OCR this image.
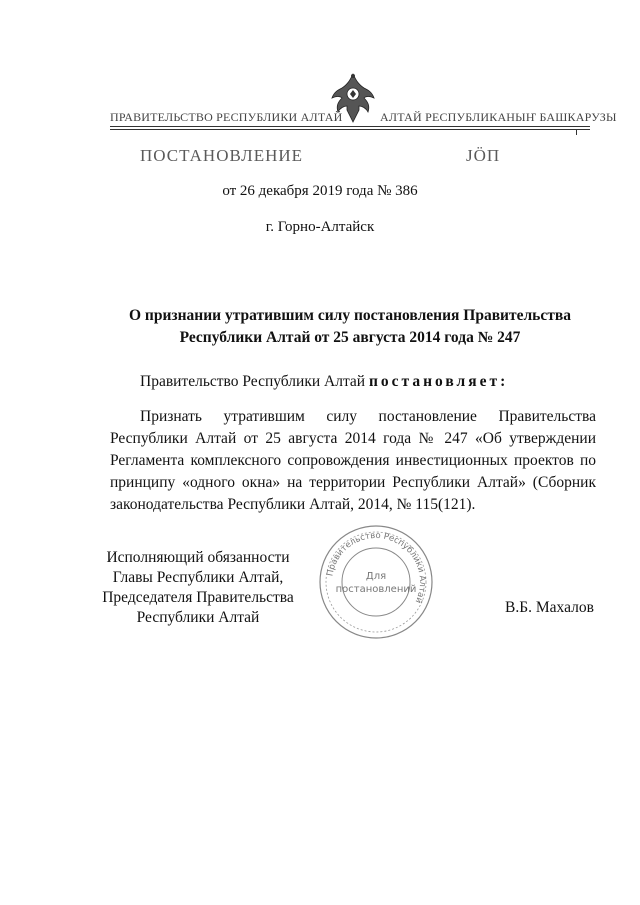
ПРАВИТЕЛЬСТВО РЕСПУБЛИКИ АЛТАЙ	АЛТАЙ РЕСПУБЛИКАНЫҤ БАШКАРУЗЫ
ПОСТАНОВЛЕНИЕ	JÖП
от 26 декабря 2019 года № 386
г. Горно-Алтайск
О признании утратившим силу постановления Правительства
Республики Алтай от 25 августа 2014 года № 247
Правительство Республики Алтай постановляет:
Признать утратившим силу постановление Правительства Республики Алтай от 25 августа 2014 года № 247 «Об утверждении Регламента комплексного сопровождения инвестиционных проектов по принципу «одного окна» на территории Республики Алтай» (Сборник законодательства Республики Алтай, 2014, № 115(121).
Правительство Республики Алтай
Для
постановлений
Исполняющий обязанности
Главы Республики Алтай,
Председателя Правительства
Республики Алтай
В.Б. Махалов
